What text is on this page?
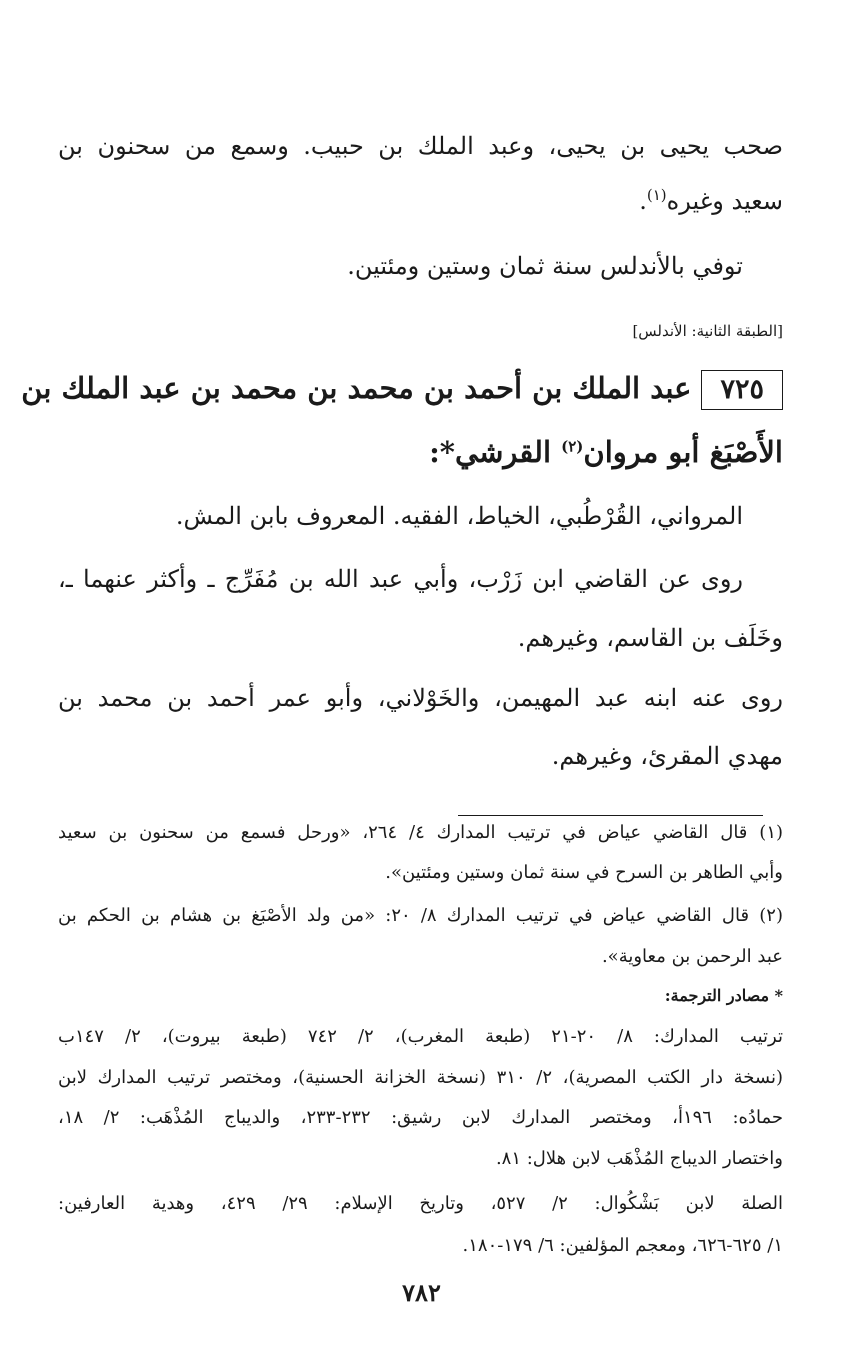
صحب يحيى بن يحيى، وعبد الملك بن حبيب. وسمع من سحنون بن

سعيد وغيره$^{(١)}$.

توفي بالأندلس سنة ثمان وستين ومئتين.

[الطبقة الثانية: الأندلس]

٧٢٥عبد الملك بن أحمد بن محمد بن محمد بن عبد الملك بن

الأَصْبَغ أبو مروان$^{(٢)}$ القرشي*:

المرواني، القُرْطُبي، الخياط، الفقيه. المعروف بابن المش.

روى عن القاضي ابن زَرْب، وأبي عبد الله بن مُفَرِّج ـ وأكثر عنهما ـ،

وخَلَف بن القاسم، وغيرهم.

روى عنه ابنه عبد المهيمن، والخَوْلاني، وأبو عمر أحمد بن محمد بن

مهدي المقرئ، وغيرهم.

(١) قال القاضي عياض في ترتيب المدارك ٤/ ٢٦٤، «ورحل فسمع من سحنون بن سعيد

وأبي الطاهر بن السرح في سنة ثمان وستين ومئتين».

(٢) قال القاضي عياض في ترتيب المدارك ٨/ ٢٠: «من ولد الأصْبَغ بن هشام بن الحكم بن

عبد الرحمن بن معاوية».

* مصادر الترجمة:

ترتيب المدارك: ٨/ ٢٠-٢١ (طبعة المغرب)، ٢/ ٧٤٢ (طبعة بيروت)، ٢/ ١٤٧ب

(نسخة دار الكتب المصرية)، ٢/ ٣١٠ (نسخة الخزانة الحسنية)، ومختصر ترتيب المدارك لابن

حمادُه: ١٩٦أ، ومختصر المدارك لابن رشيق: ٢٣٢-٢٣٣، والديباج المُذْهَب: ٢/ ١٨،

واختصار الديباج المُذْهَب لابن هلال: ٨١.

الصلة لابن بَشْكُوال: ٢/ ٥٢٧، وتاريخ الإسلام: ٢٩/ ٤٢٩، وهدية العارفين:

١/ ٦٢٥-٦٢٦، ومعجم المؤلفين: ٦/ ١٧٩-١٨٠.

٧٨٢
